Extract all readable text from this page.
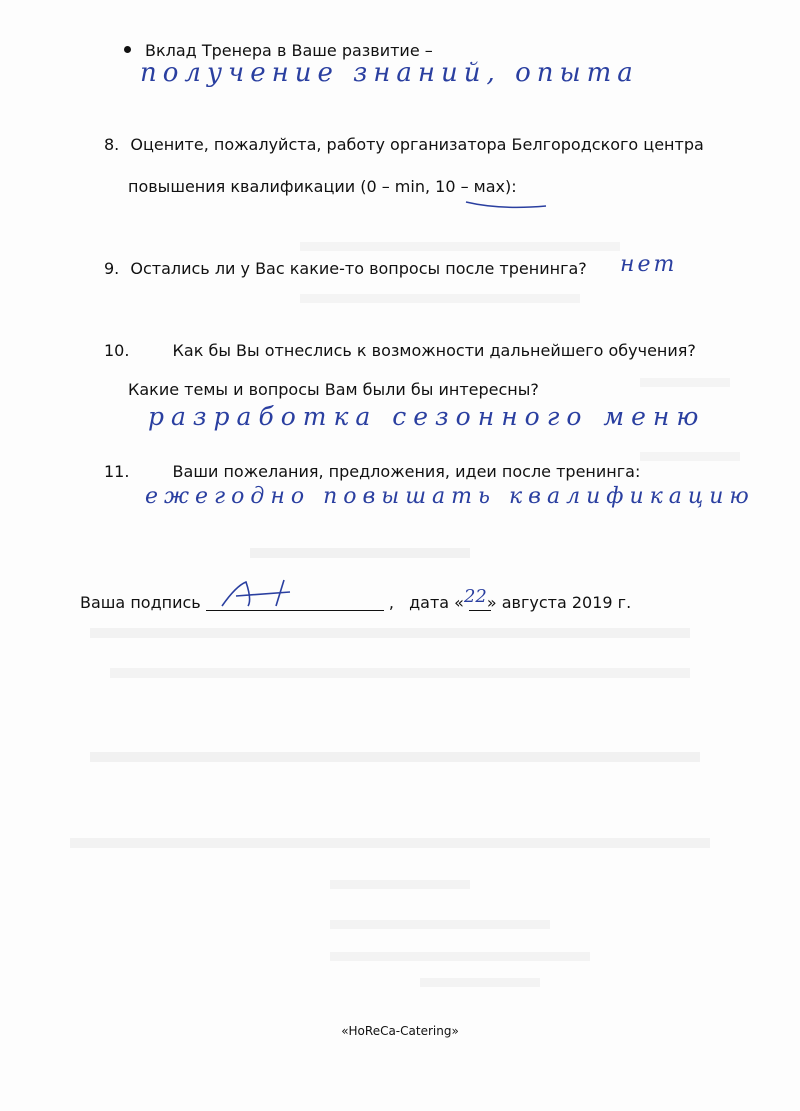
Вклад Тренера в Ваше развитие –
получение знаний, опыта
8. Оцените, пожалуйста, работу организатора Белгородского центра
повышения квалификации (0 – min, 10 – мах):
9. Остались ли у Вас какие-то вопросы после тренинга? нет
10.	Как бы Вы отнеслись к возможности дальнейшего обучения?
Какие темы и вопросы Вам были бы интересны?
разработка сезонного меню
11.	Ваши пожелания, предложения, идеи после тренинга:
ежегодно повышать квалификацию
Ваша подпись	, дата «22» августа 2019 г.
«HoReCa-Catering»
